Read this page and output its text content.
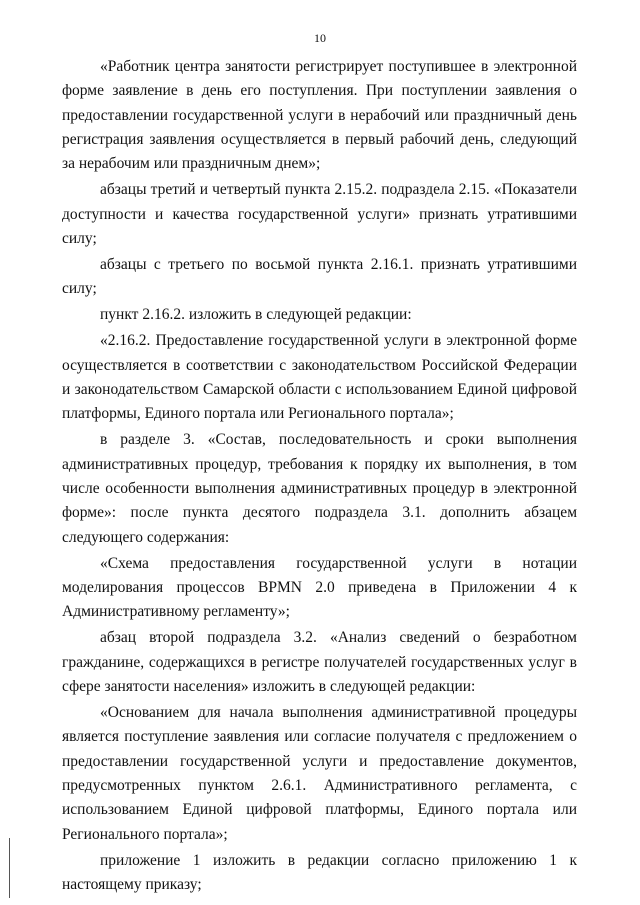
10

«Работник центра занятости регистрирует поступившее в электронной форме заявление в день его поступления. При поступлении заявления о предоставлении государственной услуги в нерабочий или праздничный день регистрация заявления осуществляется в первый рабочий день, следующий за нерабочим или праздничным днем»;

абзацы третий и четвертый пункта 2.15.2. подраздела 2.15. «Показатели доступности и качества государственной услуги» признать утратившими силу;

абзацы с третьего по восьмой пункта 2.16.1. признать утратившими силу;

пункт 2.16.2. изложить в следующей редакции:

«2.16.2. Предоставление государственной услуги в электронной форме осуществляется в соответствии с законодательством Российской Федерации и законодательством Самарской области с использованием Единой цифровой платформы, Единого портала или Регионального портала»;

в разделе 3. «Состав, последовательность и сроки выполнения административных процедур, требования к порядку их выполнения, в том числе особенности выполнения административных процедур в электронной форме»: после пункта десятого подраздела 3.1. дополнить абзацем следующего содержания:

«Схема предоставления государственной услуги в нотации моделирования процессов BPMN 2.0 приведена в Приложении 4 к Административному регламенту»;

абзац второй подраздела 3.2. «Анализ сведений о безработном гражданине, содержащихся в регистре получателей государственных услуг в сфере занятости населения» изложить в следующей редакции:

«Основанием для начала выполнения административной процедуры является поступление заявления или согласие получателя с предложением о предоставлении государственной услуги и предоставление документов, предусмотренных пунктом 2.6.1. Административного регламента, с использованием Единой цифровой платформы, Единого портала или Регионального портала»;

приложение 1 изложить в редакции согласно приложению 1 к настоящему приказу;
